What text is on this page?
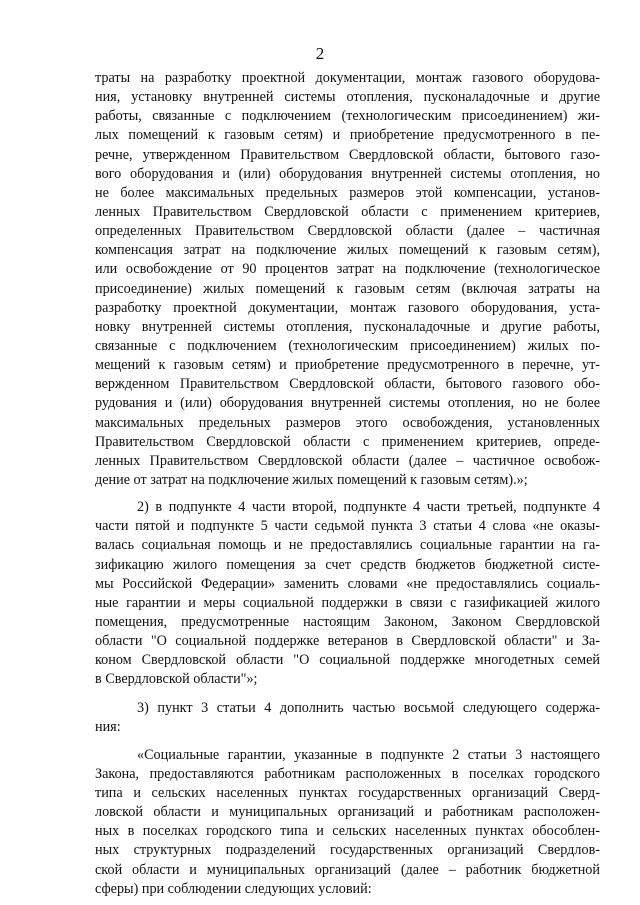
2
траты на разработку проектной документации, монтаж газового оборудова-
ния, установку внутренней системы отопления, пусконаладочные и другие
работы, связанные с подключением (технологическим присоединением) жи-
лых помещений к газовым сетям) и приобретение предусмотренного в пе-
речне, утвержденном Правительством Свердловской области, бытового газо-
вого оборудования и (или) оборудования внутренней системы отопления, но
не более максимальных предельных размеров этой компенсации, установ-
ленных Правительством Свердловской области с применением критериев,
определенных Правительством Свердловской области (далее – частичная
компенсация затрат на подключение жилых помещений к газовым сетям),
или освобождение от 90 процентов затрат на подключение (технологическое
присоединение) жилых помещений к газовым сетям (включая затраты на
разработку проектной документации, монтаж газового оборудования, уста-
новку внутренней системы отопления, пусконаладочные и другие работы,
связанные с подключением (технологическим присоединением) жилых по-
мещений к газовым сетям) и приобретение предусмотренного в перечне, ут-
вержденном Правительством Свердловской области, бытового газового обо-
рудования и (или) оборудования внутренней системы отопления, но не более
максимальных предельных размеров этого освобождения, установленных
Правительством Свердловской области с применением критериев, опреде-
ленных Правительством Свердловской области (далее – частичное освобож-
дение от затрат на подключение жилых помещений к газовым сетям).»;
2) в подпункте 4 части второй, подпункте 4 части третьей, подпункте 4
части пятой и подпункте 5 части седьмой пункта 3 статьи 4 слова «не оказы-
валась социальная помощь и не предоставлялись социальные гарантии на га-
зификацию жилого помещения за счет средств бюджетов бюджетной систе-
мы Российской Федерации» заменить словами «не предоставлялись социаль-
ные гарантии и меры социальной поддержки в связи с газификацией жилого
помещения, предусмотренные настоящим Законом, Законом Свердловской
области "О социальной поддержке ветеранов в Свердловской области" и За-
коном Свердловской области "О социальной поддержке многодетных семей
в Свердловской области"»;
3) пункт 3 статьи 4 дополнить частью восьмой следующего содержа-
ния:
«Социальные гарантии, указанные в подпункте 2 статьи 3 настоящего
Закона, предоставляются работникам расположенных в поселках городского
типа и сельских населенных пунктах государственных организаций Сверд-
ловской области и муниципальных организаций и работникам расположен-
ных в поселках городского типа и сельских населенных пунктах обособлен-
ных структурных подразделений государственных организаций Свердлов-
ской области и муниципальных организаций (далее – работник бюджетной
сферы) при соблюдении следующих условий:
